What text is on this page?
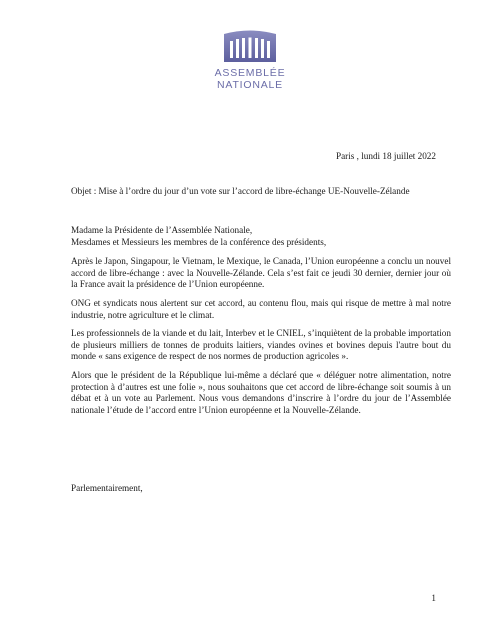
ASSEMBLÉE
NATIONALE
Paris , lundi 18 juillet 2022
Objet : Mise à l’ordre du jour d’un vote sur l’accord de libre-échange UE-Nouvelle-Zélande

Madame la Présidente de l’Assemblée Nationale,
Mesdames et Messieurs les membres de la conférence des présidents,

Après le Japon, Singapour, le Vietnam, le Mexique, le Canada, l’Union européenne a conclu un nouvel accord de libre-échange : avec la Nouvelle-Zélande. Cela s’est fait ce jeudi 30 dernier, dernier jour où la France avait la présidence de l’Union européenne.

ONG et syndicats nous alertent sur cet accord, au contenu flou, mais qui risque de mettre à mal notre industrie, notre agriculture et le climat.

Les professionnels de la viande et du lait, Interbev et le CNIEL, s’inquiètent de la probable importation de plusieurs milliers de tonnes de produits laitiers, viandes ovines et bovines depuis l'autre bout du monde « sans exigence de respect de nos normes de production agricoles ».

Alors que le président de la République lui-même a déclaré que « déléguer notre alimentation, notre protection à d’autres est une folie », nous souhaitons que cet accord de libre-échange soit soumis à un débat et à un vote au Parlement. Nous vous demandons d’inscrire à l’ordre du jour de l’Assemblée nationale l’étude de l’accord entre l’Union européenne et la Nouvelle-Zélande.

Parlementairement,
1
